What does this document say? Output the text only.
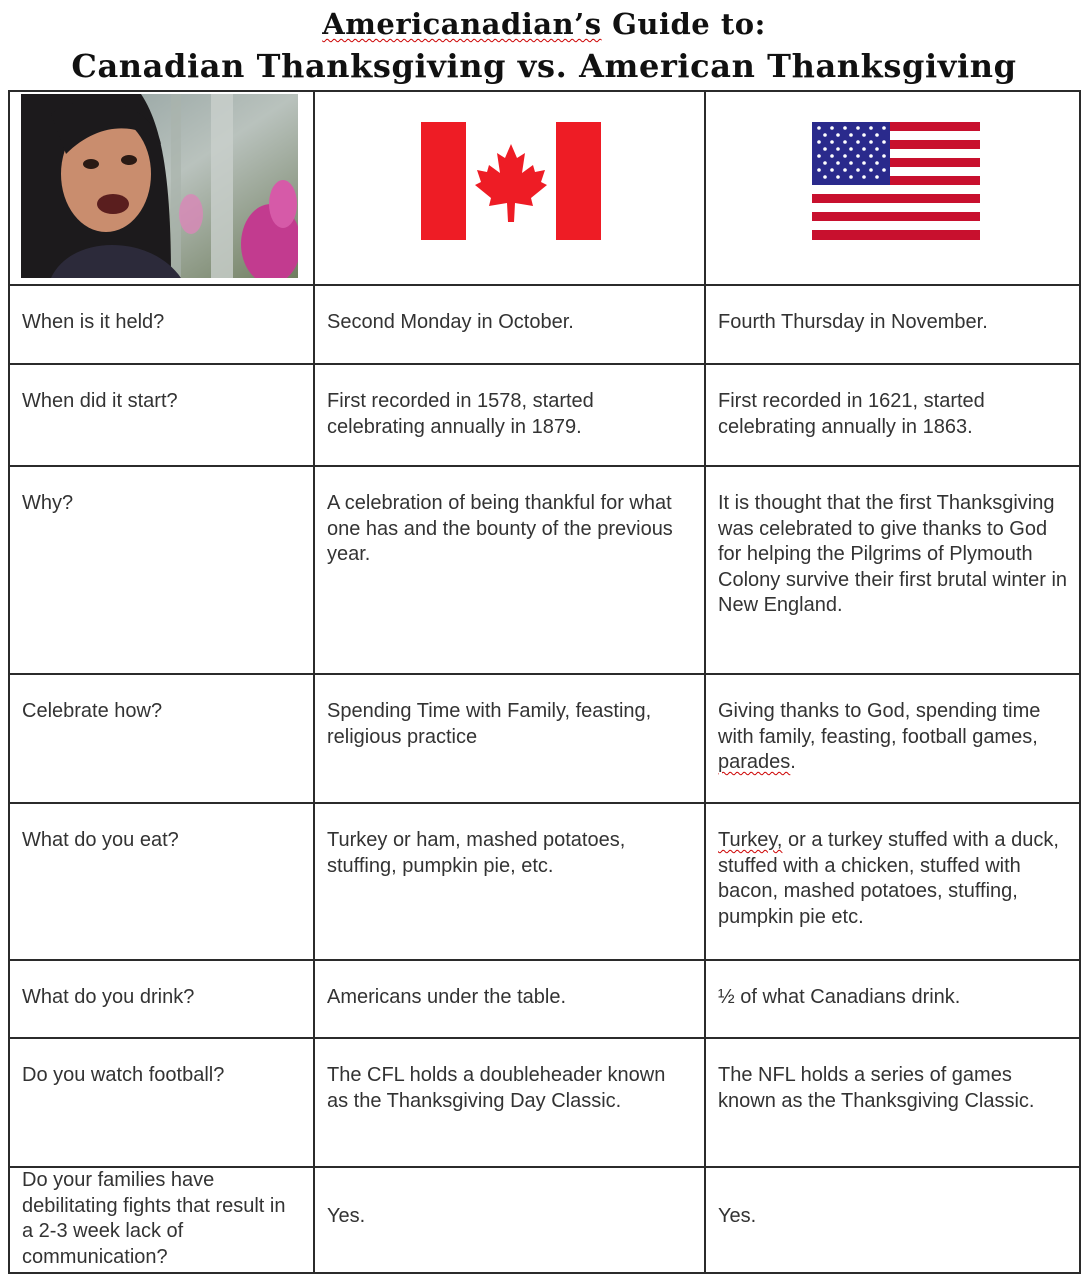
Americanadian’s Guide to:
Canadian Thanksgiving vs. American Thanksgiving

When is it held?	Second Monday in October.	Fourth Thursday in November.

When did it start?	First recorded in 1578, started celebrating annually in 1879.	First recorded in 1621, started celebrating annually in 1863.

Why?	A celebration of being thankful for what one has and the bounty of the previous year.	It is thought that the first Thanksgiving was celebrated to give thanks to God for helping the Pilgrims of Plymouth Colony survive their first brutal winter in New England.

Celebrate how?	Spending Time with Family, feasting, religious practice	Giving thanks to God, spending time with family, feasting, football games, parades.

What do you eat?	Turkey or ham, mashed potatoes, stuffing, pumpkin pie, etc.	Turkey, or a turkey stuffed with a duck, stuffed with a chicken, stuffed with bacon, mashed potatoes, stuffing, pumpkin pie etc.

What do you drink?	Americans under the table.	½ of what Canadians drink.

Do you watch football?	The CFL holds a doubleheader known as the Thanksgiving Day Classic.	The NFL holds a series of games known as the Thanksgiving Classic.

Do your families have debilitating fights that result in a 2-3 week lack of communication?	Yes.	Yes.
